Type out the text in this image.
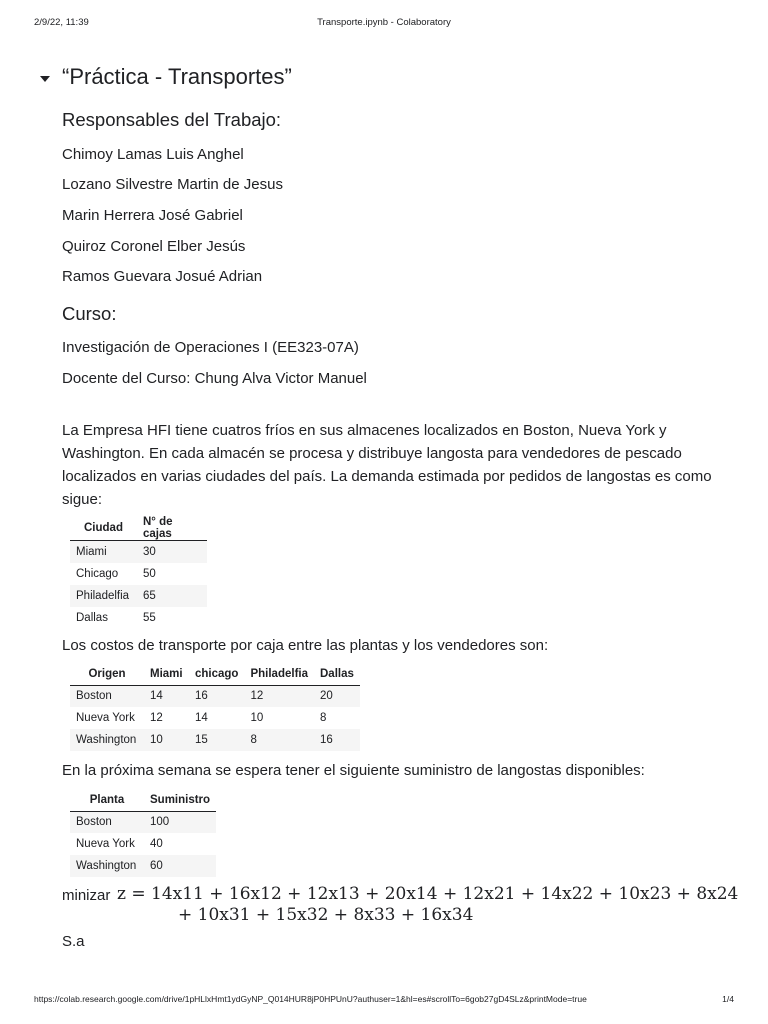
2/9/22, 11:39	Transporte.ipynb - Colaboratory
“Práctica - Transportes”
Responsables del Trabajo:
Chimoy Lamas Luis Anghel
Lozano Silvestre Martin de Jesus
Marin Herrera José Gabriel
Quiroz Coronel Elber Jesús
Ramos Guevara Josué Adrian
Curso:
Investigación de Operaciones I (EE323-07A)
Docente del Curso: Chung Alva Victor Manuel
La Empresa HFI tiene cuatros fríos en sus almacenes localizados en Boston, Nueva York y Washington. En cada almacén se procesa y distribuye langosta para vendedores de pescado localizados en varias ciudades del país. La demanda estimada por pedidos de langostas es como sigue:
Ciudad	N° de cajas
Miami	30
Chicago	50
Philadelfia	65
Dallas	55
Los costos de transporte por caja entre las plantas y los vendedores son:
Origen	Miami	chicago	Philadelfia	Dallas
Boston	14	16	12	20
Nueva York	12	14	10	8
Washington	10	15	8	16
En la próxima semana se espera tener el siguiente suministro de langostas disponibles:
Planta	Suministro
Boston	100
Nueva York	40
Washington	60
minizar z = 14x11 + 16x12 + 12x13 + 20x14 + 12x21 + 14x22 + 10x23 + 8x24
+ 10x31 + 15x32 + 8x33 + 16x34
S.a
https://colab.research.google.com/drive/1pHLlxHmt1ydGyNP_Q014HUR8jP0HPUnU?authuser=1&hl=es#scrollTo=6gob27gD4SLz&printMode=true	1/4
